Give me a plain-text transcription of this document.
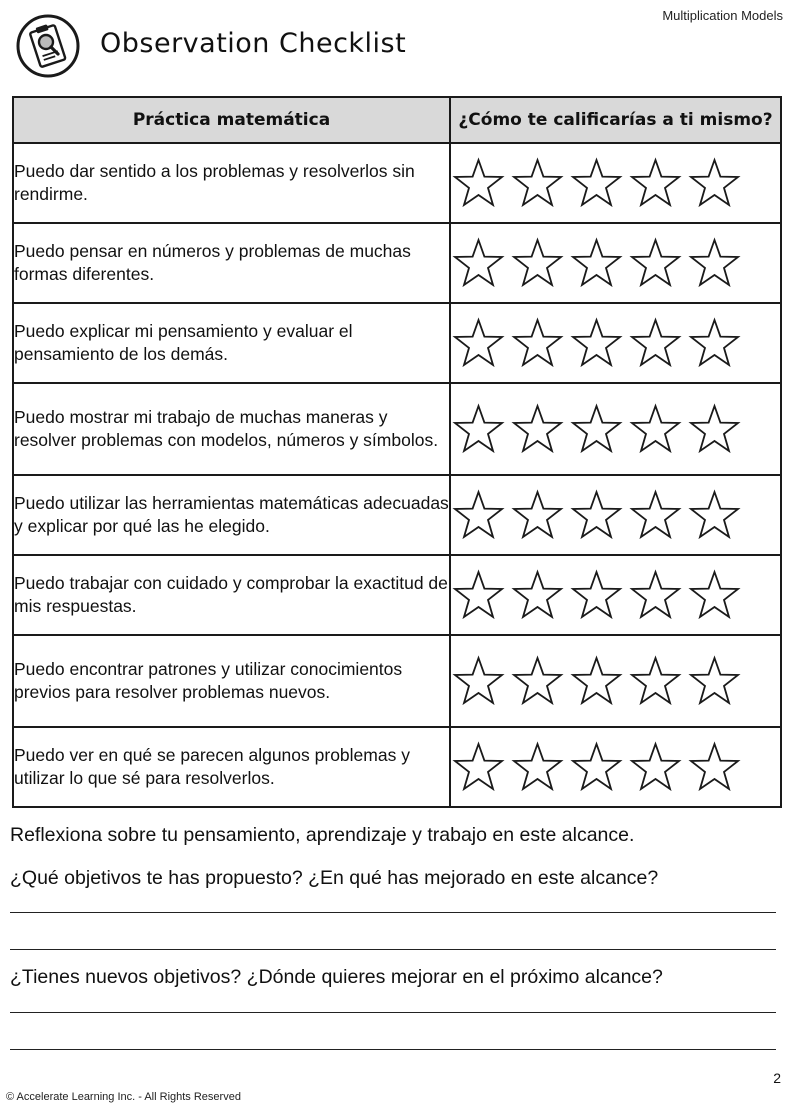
Multiplication Models
Observation Checklist
Práctica matemática	¿Cómo te calificarías a ti mismo?
Puedo dar sentido a los problemas y resolverlos sin rendirme.	

Puedo pensar en números y problemas de muchas formas diferentes.	

Puedo explicar mi pensamiento y evaluar el pensamiento de los demás.	

Puedo mostrar mi trabajo de muchas maneras y resolver problemas con modelos, números y símbolos.	

Puedo utilizar las herramientas matemáticas adecuadas y explicar por qué las he elegido.	

Puedo trabajar con cuidado y comprobar la exactitud de mis respuestas.	

Puedo encontrar patrones y utilizar conocimientos previos para resolver problemas nuevos.	

Puedo ver en qué se parecen algunos problemas y utilizar lo que sé para resolverlos.	
Reflexiona sobre tu pensamiento, aprendizaje y trabajo en este alcance.
¿Qué objetivos te has propuesto? ¿En qué has mejorado en este alcance?
¿Tienes nuevos objetivos? ¿Dónde quieres mejorar en el próximo alcance?
2
© Accelerate Learning Inc. - All Rights Reserved
